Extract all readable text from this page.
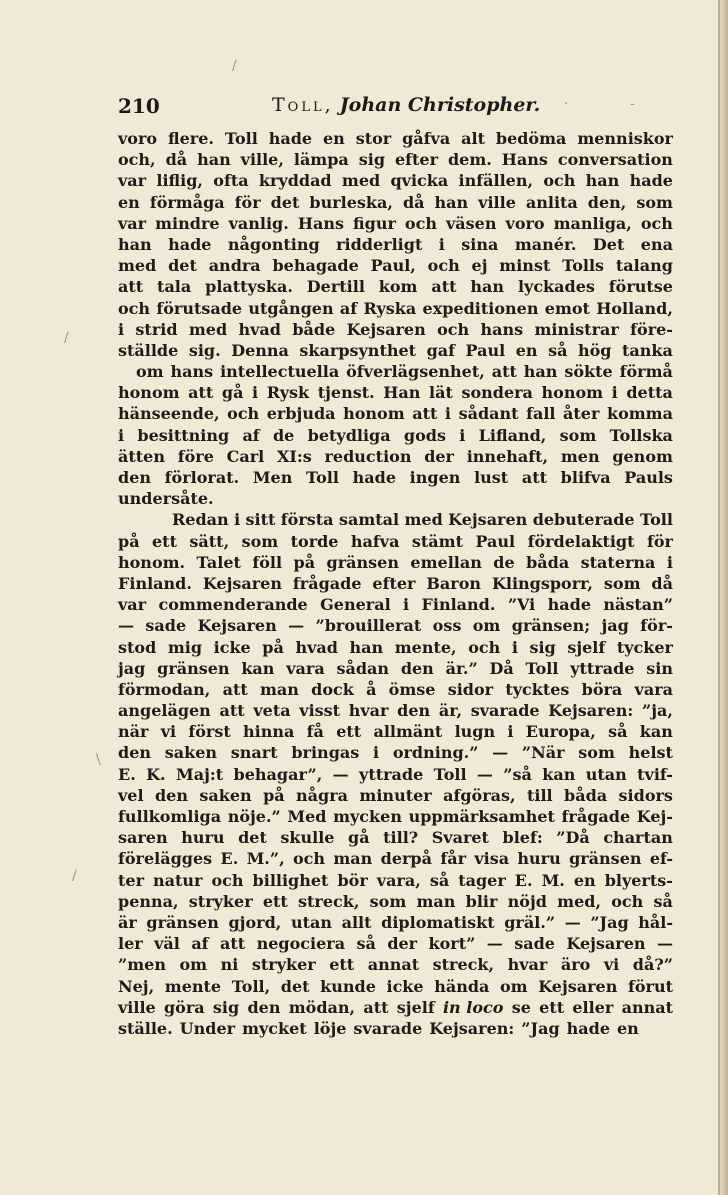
/
·	-
/
\
/
210	Toll, Johan Christopher.
voro flere. Toll hade en stor gåfva alt bedöma menniskor
och, då han ville, lämpa sig efter dem. Hans conversation
var liflig, ofta kryddad med qvicka infällen, och han hade
en förmåga för det burleska, då han ville anlita den, som
var mindre vanlig. Hans figur och väsen voro manliga, och
han hade någonting ridderligt i sina manér. Det ena
med det andra behagade Paul, och ej minst Tolls talang
att tala plattyska. Dertill kom att han lyckades förutse
och förutsade utgången af Ryska expeditionen emot Holland,
i strid med hvad både Kejsaren och hans ministrar före-
ställde sig. Denna skarpsynthet gaf Paul en så hög tanka
om hans intellectuella öfverlägsenhet, att han sökte förmå
honom att gå i Rysk tjenst. Han lät sondera honom i detta
hänseende, och erbjuda honom att i sådant fall åter komma
i besittning af de betydliga gods i Lifland, som Tollska
ätten före Carl XI:s reduction der innehaft, men genom
den förlorat. Men Toll hade ingen lust att blifva Pauls
undersåte.
Redan i sitt första samtal med Kejsaren debuterade Toll
på ett sätt, som torde hafva stämt Paul fördelaktigt för
honom. Talet föll på gränsen emellan de båda staterna i
Finland. Kejsaren frågade efter Baron Klingsporr, som då
var commenderande General i Finland. ”Vi hade nästan”
— sade Kejsaren — ”brouillerat oss om gränsen; jag för-
stod mig icke på hvad han mente, och i sig sjelf tycker
jag gränsen kan vara sådan den är.” Då Toll yttrade sin
förmodan, att man dock å ömse sidor tycktes böra vara
angelägen att veta visst hvar den är, svarade Kejsaren: ”ja,
när vi först hinna få ett allmänt lugn i Europa, så kan
den saken snart bringas i ordning.” — ”När som helst
E. K. Maj:t behagar”, — yttrade Toll — ”så kan utan tvif-
vel den saken på några minuter afgöras, till båda sidors
fullkomliga nöje.” Med mycken uppmärksamhet frågade Kej-
saren huru det skulle gå till? Svaret blef: ”Då chartan
föreläggеs E. M.”, och man derpå får visa huru gränsen ef-
ter natur och billighet bör vara, så tager E. M. en blyerts-
penna, stryker ett streck, som man blir nöjd med, och så
är gränsen gjord, utan allt diplomatiskt gräl.” — ”Jag hål-
ler väl af att negociera så der kort” — sade Kejsaren —
”men om ni stryker ett annat streck, hvar äro vi då?”
Nej, mente Toll, det kunde icke hända om Kejsaren förut
ville göra sig den mödan, att sjelf in loco se ett eller annat
ställe. Under mycket löje svarade Kejsaren: ”Jag hade en
